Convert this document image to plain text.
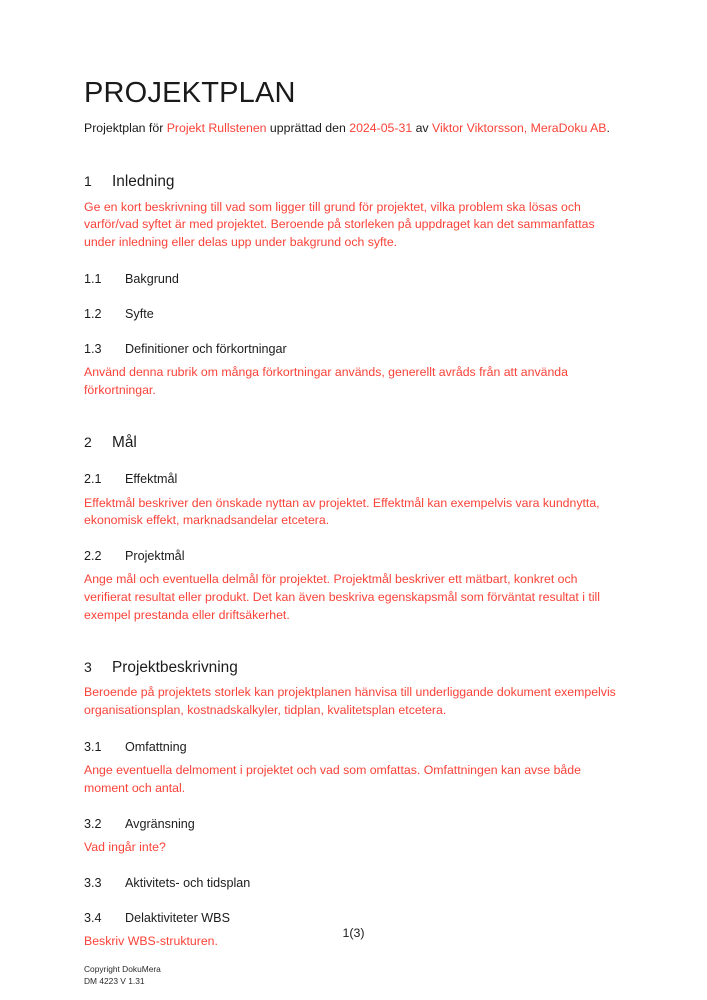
PROJEKTPLAN

Projektplan för Projekt Rullstenen upprättad den 2024-05-31 av Viktor Viktorsson, MeraDoku AB.

1	Inledning

Ge en kort beskrivning till vad som ligger till grund för projektet, vilka problem ska lösas och varför/vad syftet är med projektet. Beroende på storleken på uppdraget kan det sammanfattas under inledning eller delas upp under bakgrund och syfte.

1.1	Bakgrund
1.2	Syfte
1.3	Definitioner och förkortningar

Använd denna rubrik om många förkortningar används, generellt avråds från att använda förkortningar.

2	Mål
2.1	Effektmål

Effektmål beskriver den önskade nyttan av projektet. Effektmål kan exempelvis vara kundnytta, ekonomisk effekt, marknadsandelar etcetera.

2.2	Projektmål

Ange mål och eventuella delmål för projektet. Projektmål beskriver ett mätbart, konkret och verifierat resultat eller produkt. Det kan även beskriva egenskapsmål som förväntat resultat i till exempel prestanda eller driftsäkerhet.

3	Projektbeskrivning

Beroende på projektets storlek kan projektplanen hänvisa till underliggande dokument exempelvis organisationsplan, kostnadskalkyler, tidplan, kvalitetsplan etcetera.

3.1	Omfattning

Ange eventuella delmoment i projektet och vad som omfattas. Omfattningen kan avse både moment och antal.

3.2	Avgränsning

Vad ingår inte?

3.3	Aktivitets- och tidsplan
3.4	Delaktiviteter WBS

Beskriv WBS-strukturen.

1(3)
Copyright DokuMera
DM 4223 V 1.31
